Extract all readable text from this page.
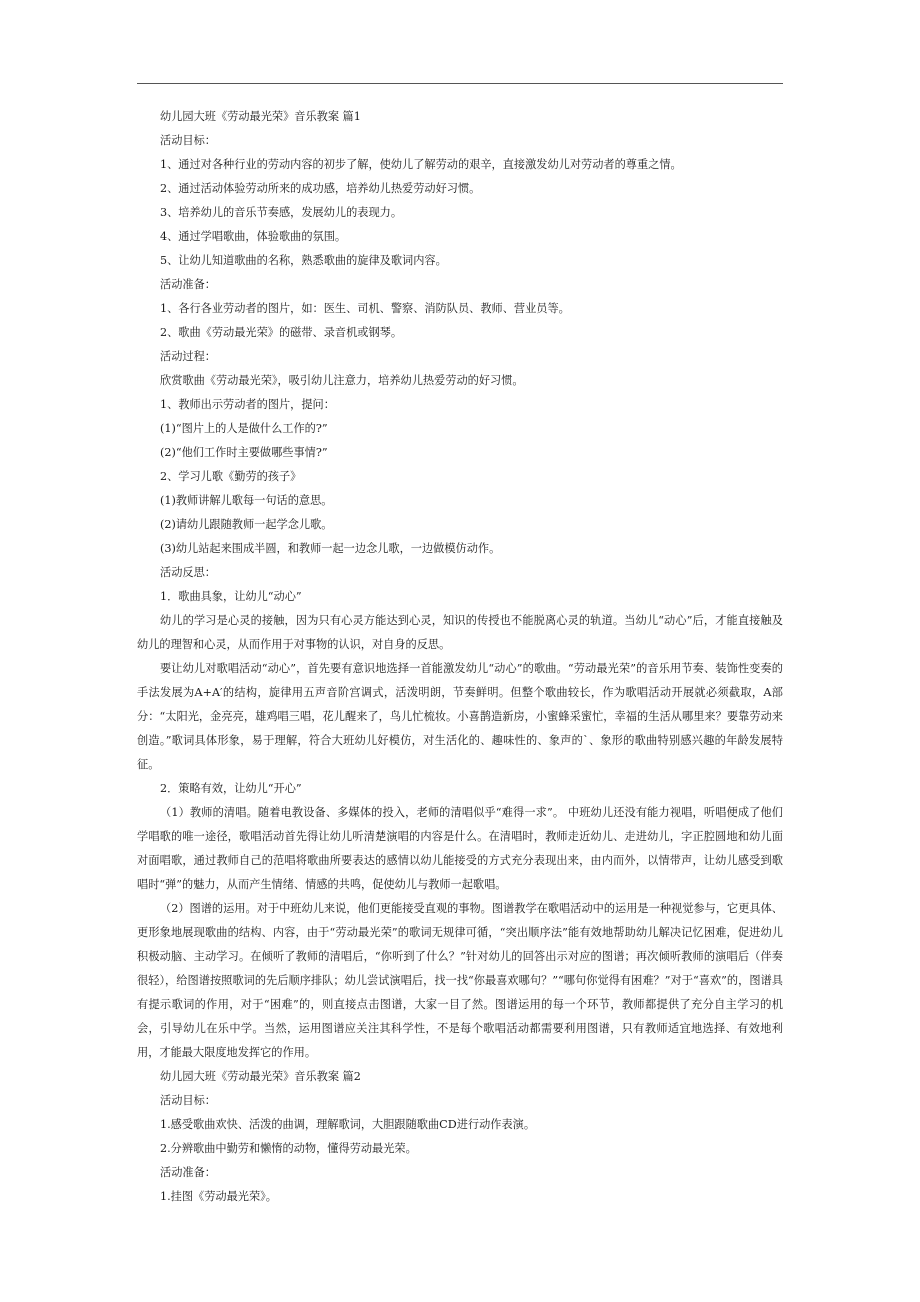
幼儿园大班《劳动最光荣》音乐教案 篇1

活动目标：

1、通过对各种行业的劳动内容的初步了解，使幼儿了解劳动的艰辛，直接激发幼儿对劳动者的尊重之情。

2、通过活动体验劳动所来的成功感，培养幼儿热爱劳动好习惯。

3、培养幼儿的音乐节奏感，发展幼儿的表现力。

4、通过学唱歌曲，体验歌曲的氛围。

5、让幼儿知道歌曲的名称，熟悉歌曲的旋律及歌词内容。

活动准备：

1、各行各业劳动者的图片，如：医生、司机、警察、消防队员、教师、营业员等。

2、歌曲《劳动最光荣》的磁带、录音机或钢琴。

活动过程：

欣赏歌曲《劳动最光荣》，吸引幼儿注意力，培养幼儿热爱劳动的好习惯。

1、教师出示劳动者的图片，提问：

(1)“图片上的人是做什么工作的?”

(2)“他们工作时主要做哪些事情?”

2、学习儿歌《勤劳的孩子》

(1)教师讲解儿歌每一句话的意思。

(2)请幼儿跟随教师一起学念儿歌。

(3)幼儿站起来围成半圆，和教师一起一边念儿歌，一边做模仿动作。

活动反思：

1．歌曲具象，让幼儿“动心”

幼儿的学习是心灵的接触，因为只有心灵方能达到心灵，知识的传授也不能脱离心灵的轨道。当幼儿“动心”后，才能直接触及幼儿的理智和心灵，从而作用于对事物的认识，对自身的反思。

要让幼儿对歌唱活动“动心”，首先要有意识地选择一首能激发幼儿“动心”的歌曲。“劳动最光荣”的音乐用节奏、装饰性变奏的手法发展为A+A′的结构，旋律用五声音阶宫调式，活泼明朗，节奏鲜明。但整个歌曲较长，作为歌唱活动开展就必须截取，A部分：“太阳光，金亮亮，雄鸡唱三唱，花儿醒来了，鸟儿忙梳妆。小喜鹊造新房，小蜜蜂采蜜忙，幸福的生活从哪里来？要靠劳动来创造。”歌词具体形象，易于理解，符合大班幼儿好模仿，对生活化的、趣味性的、象声的`、象形的歌曲特别感兴趣的年龄发展特征。

2．策略有效，让幼儿“开心”

（1）教师的清唱。随着电教设备、多媒体的投入，老师的清唱似乎“难得一求”。 中班幼儿还没有能力视唱，听唱便成了他们学唱歌的唯一途径，歌唱活动首先得让幼儿听清楚演唱的内容是什么。在清唱时，教师走近幼儿、走进幼儿，字正腔圆地和幼儿面对面唱歌，通过教师自己的范唱将歌曲所要表达的感情以幼儿能接受的方式充分表现出来，由内而外，以情带声，让幼儿感受到歌唱时“弹”的魅力，从而产生情绪、情感的共鸣，促使幼儿与教师一起歌唱。

（2）图谱的运用。对于中班幼儿来说，他们更能接受直观的事物。图谱教学在歌唱活动中的运用是一种视觉参与，它更具体、更形象地展现歌曲的结构、内容，由于“劳动最光荣”的歌词无规律可循，“突出顺序法”能有效地帮助幼儿解决记忆困难，促进幼儿积极动脑、主动学习。在倾听了教师的清唱后，“你听到了什么？”针对幼儿的回答出示对应的图谱；再次倾听教师的演唱后（伴奏很轻），给图谱按照歌词的先后顺序排队；幼儿尝试演唱后，找一找“你最喜欢哪句？”“哪句你觉得有困难？”对于“喜欢”的，图谱具有提示歌词的作用，对于“困难”的，则直接点击图谱，大家一目了然。图谱运用的每一个环节，教师都提供了充分自主学习的机会，引导幼儿在乐中学。当然，运用图谱应关注其科学性，不是每个歌唱活动都需要利用图谱，只有教师适宜地选择、有效地利用，才能最大限度地发挥它的作用。

幼儿园大班《劳动最光荣》音乐教案 篇2

活动目标：

1.感受歌曲欢快、活泼的曲调，理解歌词，大胆跟随歌曲CD进行动作表演。

2.分辨歌曲中勤劳和懒惰的动物，懂得劳动最光荣。

活动准备：

1.挂图《劳动最光荣》。
